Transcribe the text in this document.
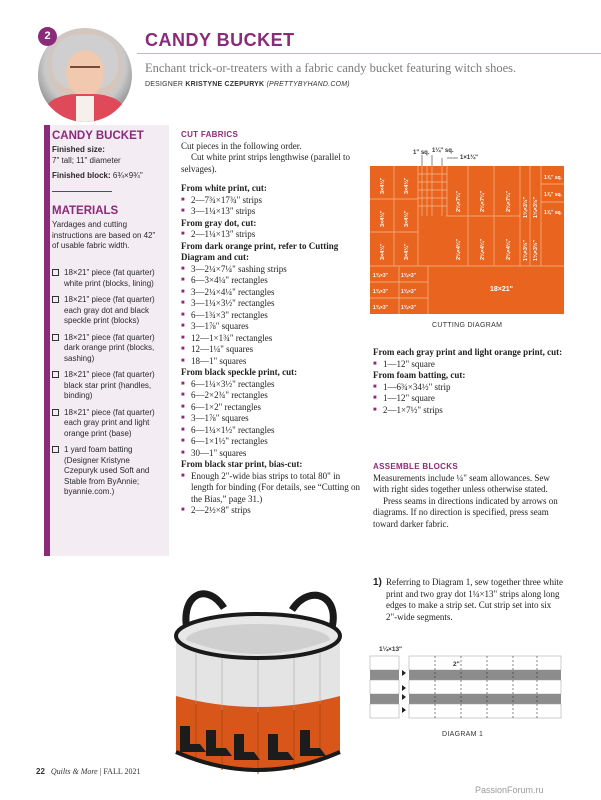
2	CANDY BUCKET
Enchant trick-or-treaters with a fabric candy bucket featuring witch shoes.
DESIGNER KRISTYNE CZEPURYK (PRETTYBYHAND.COM)
CANDY BUCKET
Finished size:
7" tall; 11" diameter
Finished block: 6¾×9¾"
MATERIALS
Yardages and cutting instructions are based on 42" of usable fabric width.
18×21" piece (fat quarter) white print (blocks, lining)
18×21" piece (fat quarter) each gray dot and black speckle print (blocks)
18×21" piece (fat quarter) dark orange print (blocks, sashing)
18×21" piece (fat quarter) black star print (handles, binding)
18×21" piece (fat quarter) each gray print and light orange print (base)
1 yard foam batting (Designer Kristyne Czepuryk used Soft and Stable from ByAnnie; byannie.com.)
CUT FABRICS
Cut pieces in the following order.
Cut white print strips lengthwise (parallel to selvages).
From white print, cut:
■ 2—7¾×17¾" strips
■ 3—1¼×13" strips
From gray dot, cut:
■ 2—1¼×13" strips
From dark orange print, refer to Cutting Diagram and cut:
■ 3—2¼×7¼" sashing strips
■ 6—3×4¼" rectangles
■ 3—2¼×4¼" rectangles
■ 3—1¼×3½" rectangles
■ 6—1¾×3" rectangles
■ 3—1⅞" squares
■ 12—1×1¾" rectangles
■ 12—1¼" squares
■ 18—1" squares
From black speckle print, cut:
■ 6—1¼×3½" rectangles
■ 6—2×2¾" rectangles
■ 6—1×2" rectangles
■ 3—1⅞" squares
■ 6—1¼×1½" rectangles
■ 6—1×1½" rectangles
■ 30—1" squares
From black star print, bias-cut:
■ Enough 2"-wide bias strips to total 80" in length for binding (For details, see “Cutting on the Bias,” page 31.)
■ 2—2½×8" strips
1" sq. 1¼" sq.
1×1¾"
3×4¼"	3×4¼"
3×4¼"	3×4¼"
3×4¼"	3×4¼"
2¼×7¼"	2¼×7¼"	2¼×7¼"
2¼×4¼"	2¼×4¼"	2¼×4¼"
1¼×3½" 1¼×3½"
1¼×3½" 1¼×3½"
1⅞" sq.
1⅞" sq.
1⅞" sq.
1¾×3"	1¾×3"
1¾×3"	1¾×3"
1¾×3"	1¾×3"
18×21"
CUTTING DIAGRAM
From each gray print and light orange print, cut:
■ 1—12" square
From foam batting, cut:
■ 1—6¾×34½" strip
■ 1—12" square
■ 2—1×7½" strips
ASSEMBLE BLOCKS
Measurements include ¼" seam allowances. Sew with right sides together unless otherwise stated.
Press seams in directions indicated by arrows on diagrams. If no direction is specified, press seam toward darker fabric.
1) Referring to Diagram 1, sew together three white print and two gray dot 1¼×13" strips along long edges to make a strip set. Cut strip set into six 2"-wide segments.
1¼×13"
2"
DIAGRAM 1
22 Quilts & More | FALL 2021
PassionForum.ru
